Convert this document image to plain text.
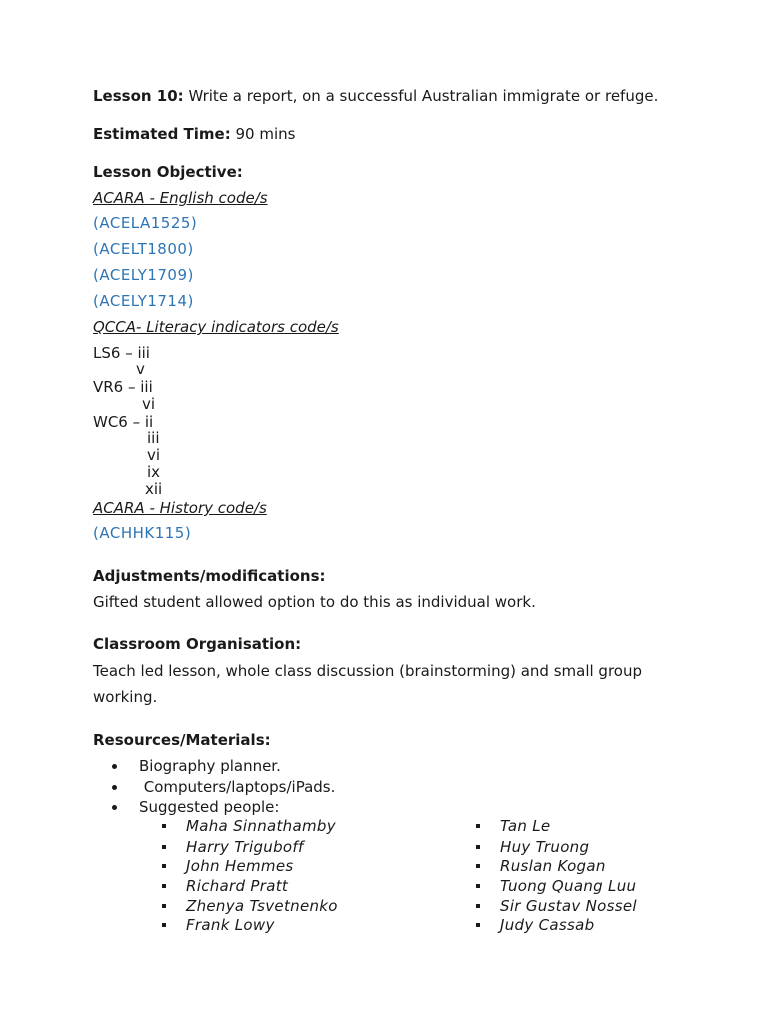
Lesson 10: Write a report, on a successful Australian immigrate or refuge.
Estimated Time: 90 mins
Lesson Objective:
ACARA - English code/s
(ACELA1525)
(ACELT1800)
(ACELY1709)
(ACELY1714)
QCCA- Literacy indicators code/s
LS6 – iii
v
VR6 – iii
vi
WC6 – ii
iii
vi
ix
xii
ACARA - History code/s
(ACHHK115)
Adjustments/modifications:
Gifted student allowed option to do this as individual work.
Classroom Organisation:
Teach led lesson, whole class discussion (brainstorming) and small group
working.
Resources/Materials:
Biography planner.
Computers/laptops/iPads.
Suggested people:
Maha Sinnathamby
Harry Triguboff
John Hemmes
Richard Pratt
Zhenya Tsvetnenko
Frank Lowy
Tan Le
Huy Truong
Ruslan Kogan
Tuong Quang Luu
Sir Gustav Nossel
Judy Cassab
